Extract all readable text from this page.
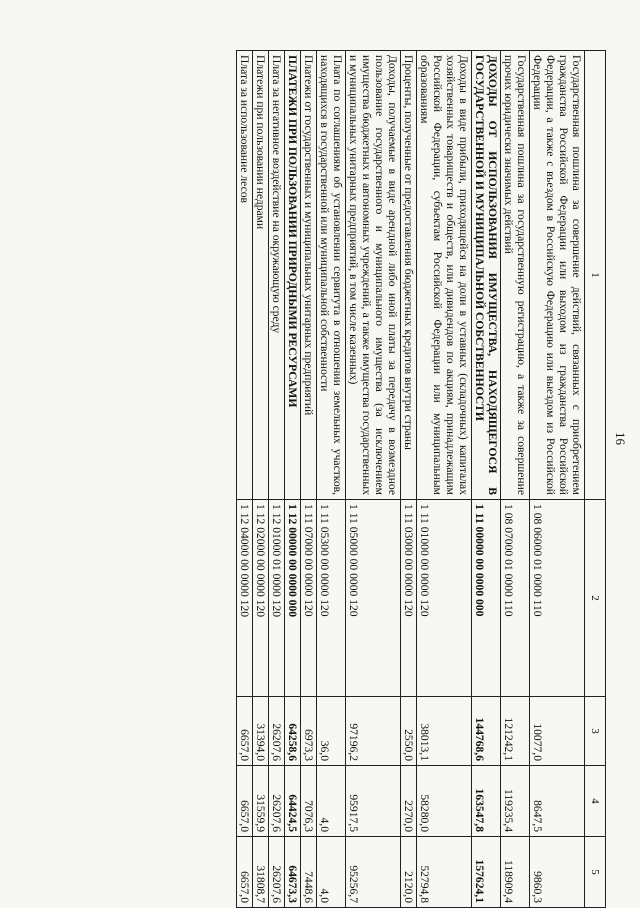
16
1	2	3	4	5
Государственная пошлина за совершение действий, связанных с приобретением гражданства Российской Федерации или выходом из гражданства Российской Федерации, а также с въездом в Российскую Федерацию или выездом из Российской Федерации	1 08 06000 01 0000 110	10077,0	8647,5	9860,3
Государственная пошлина за государственную регистрацию, а также за совершение прочих юридически значимых действий	1 08 07000 01 0000 110	121242,1	119235,4	118909,4
ДОХОДЫ ОТ ИСПОЛЬЗОВАНИЯ ИМУЩЕСТВА, НАХОДЯЩЕГОСЯ В ГОСУДАРСТВЕННОЙ И МУНИЦИПАЛЬНОЙ СОБСТВЕННОСТИ	1 11 00000 00 0000 000	144768,6	163547,8	157624,1
Доходы в виде прибыли, приходящейся на доли в уставных (складочных) капиталах хозяйственных товариществ и обществ, или дивидендов по акциям, принадлежащим Российской Федерации, субъектам Российской Федерации или муниципальным образованиям	1 11 01000 00 0000 120	38013,1	58280,0	52794,8
Проценты, полученные от предоставления бюджетных кредитов внутри страны	1 11 03000 00 0000 120	2550,0	2270,0	2120,0
Доходы, получаемые в виде арендной либо иной платы за передачу в возмездное пользование государственного и муниципального имущества (за исключением имущества бюджетных и автономных учреждений, а также имущества государственных и муниципальных унитарных предприятий, в том числе казенных)	1 11 05000 00 0000 120	97196,2	95917,5	95256,7
Плата по соглашениям об установлении сервитута в отношении земельных участков, находящихся в государственной или муниципальной собственности	1 11 05300 00 0000 120	36,0	4,0	4,0
Платежи от государственных и муниципальных унитарных предприятий	1 11 07000 00 0000 120	6973,3	7076,3	7448,6
ПЛАТЕЖИ ПРИ ПОЛЬЗОВАНИИ ПРИРОДНЫМИ РЕСУРСАМИ	1 12 00000 00 0000 000	64258,6	64424,5	64673,3
Плата за негативное воздействие на окружающую среду	1 12 01000 01 0000 120	26207,6	26207,6	26207,6
Платежи при пользовании недрами	1 12 02000 00 0000 120	31394,0	31559,9	31808,7
Плата за использование лесов	1 12 04000 00 0000 120	6657,0	6657,0	6657,0
